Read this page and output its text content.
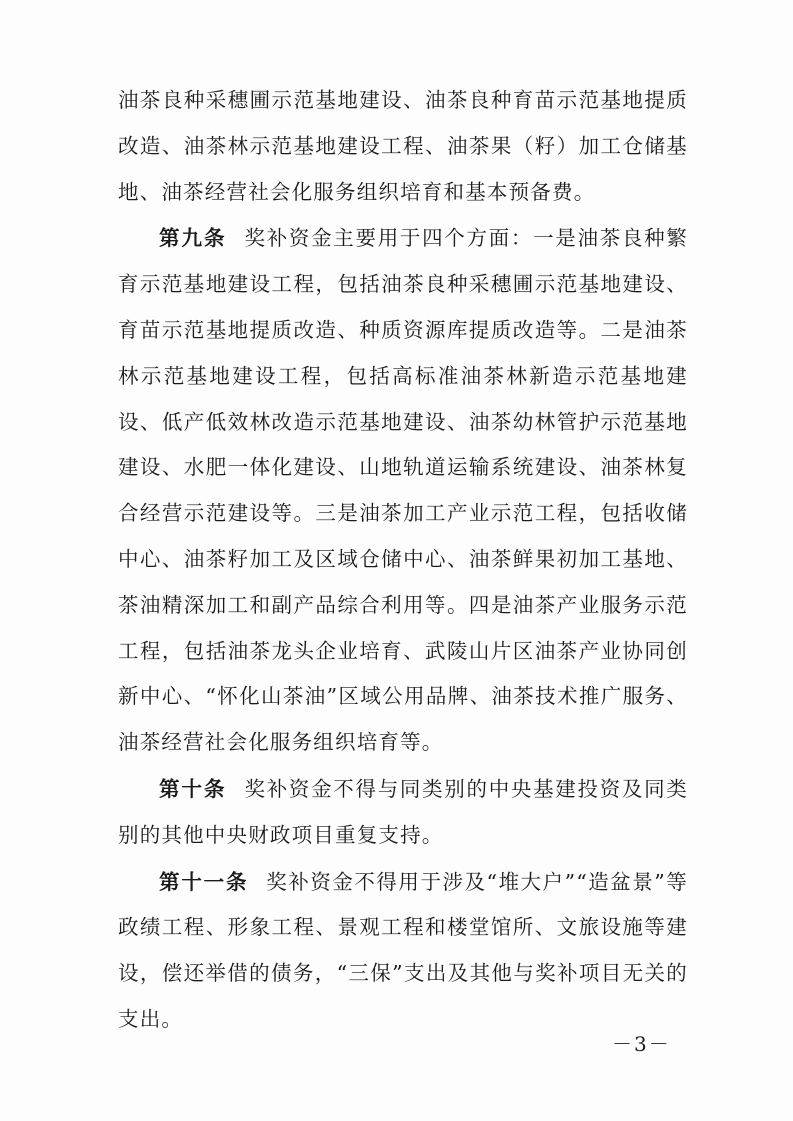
油茶良种采穗圃示范基地建设、油茶良种育苗示范基地提质改造、油茶林示范基地建设工程、油茶果（籽）加工仓储基地、油茶经营社会化服务组织培育和基本预备费。

第九条 奖补资金主要用于四个方面：一是油茶良种繁育示范基地建设工程，包括油茶良种采穗圃示范基地建设、育苗示范基地提质改造、种质资源库提质改造等。二是油茶林示范基地建设工程，包括高标准油茶林新造示范基地建设、低产低效林改造示范基地建设、油茶幼林管护示范基地建设、水肥一体化建设、山地轨道运输系统建设、油茶林复合经营示范建设等。三是油茶加工产业示范工程，包括收储中心、油茶籽加工及区域仓储中心、油茶鲜果初加工基地、茶油精深加工和副产品综合利用等。四是油茶产业服务示范工程，包括油茶龙头企业培育、武陵山片区油茶产业协同创新中心、“怀化山茶油”区域公用品牌、油茶技术推广服务、油茶经营社会化服务组织培育等。

第十条 奖补资金不得与同类别的中央基建投资及同类别的其他中央财政项目重复支持。

第十一条 奖补资金不得用于涉及“堆大户”“造盆景”等政绩工程、形象工程、景观工程和楼堂馆所、文旅设施等建设，偿还举借的债务，“三保”支出及其他与奖补项目无关的支出。

－3－
